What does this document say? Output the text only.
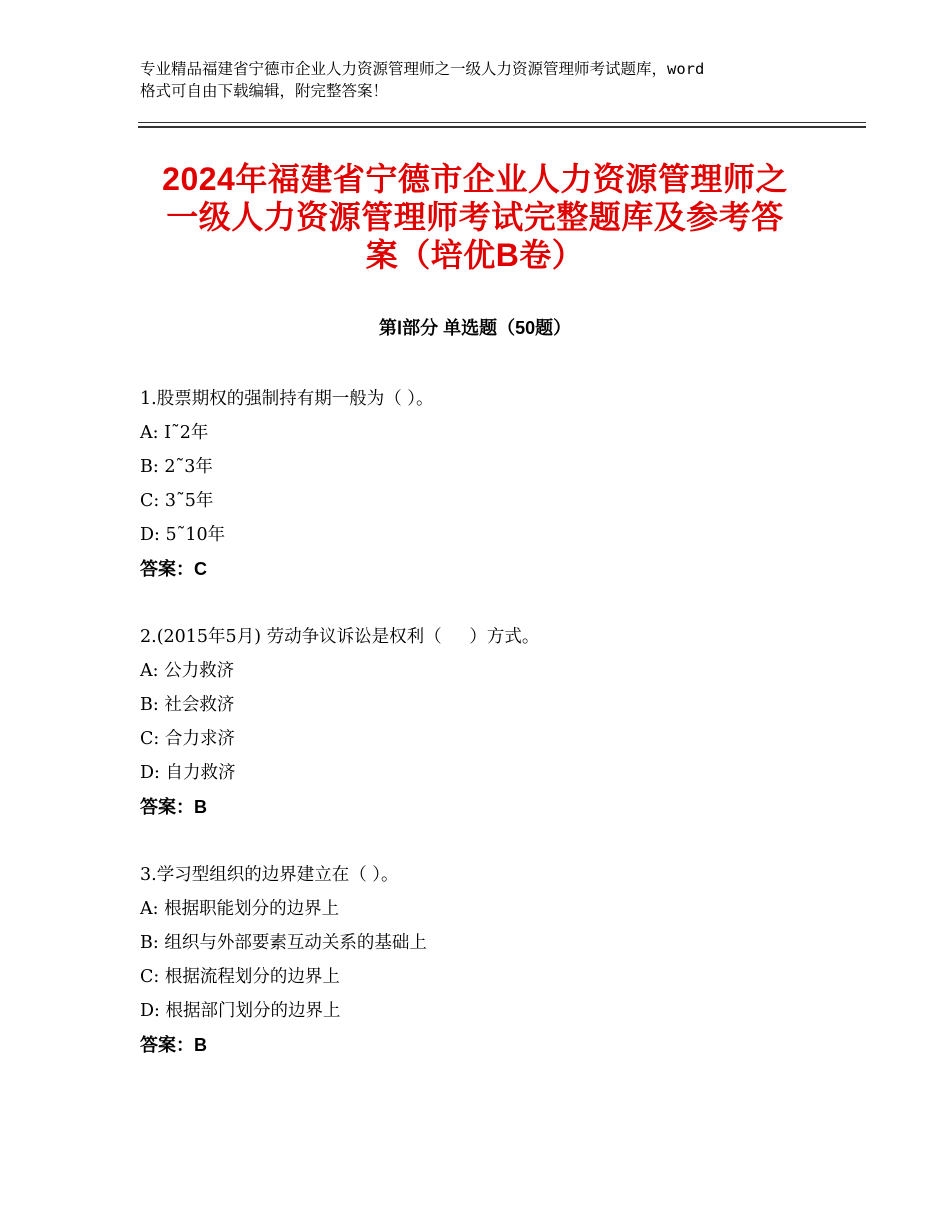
专业精品福建省宁德市企业人力资源管理师之一级人力资源管理师考试题库，word
格式可自由下载编辑，附完整答案！
2024年福建省宁德市企业人力资源管理师之
一级人力资源管理师考试完整题库及参考答
案（培优B卷）
第Ⅰ部分 单选题（50题）
1.股票期权的强制持有期一般为（ ）。
A: I˜2年
B: 2˜3年
C: 3˜5年
D: 5˜10年
答案：C
2.(2015年5月) 劳动争议诉讼是权利（     ）方式。
A: 公力救济
B: 社会救济
C: 合力求济
D: 自力救济
答案：B
3.学习型组织的边界建立在（ ）。
A: 根据职能划分的边界上
B: 组织与外部要素互动关系的基础上
C: 根据流程划分的边界上
D: 根据部门划分的边界上
答案：B
